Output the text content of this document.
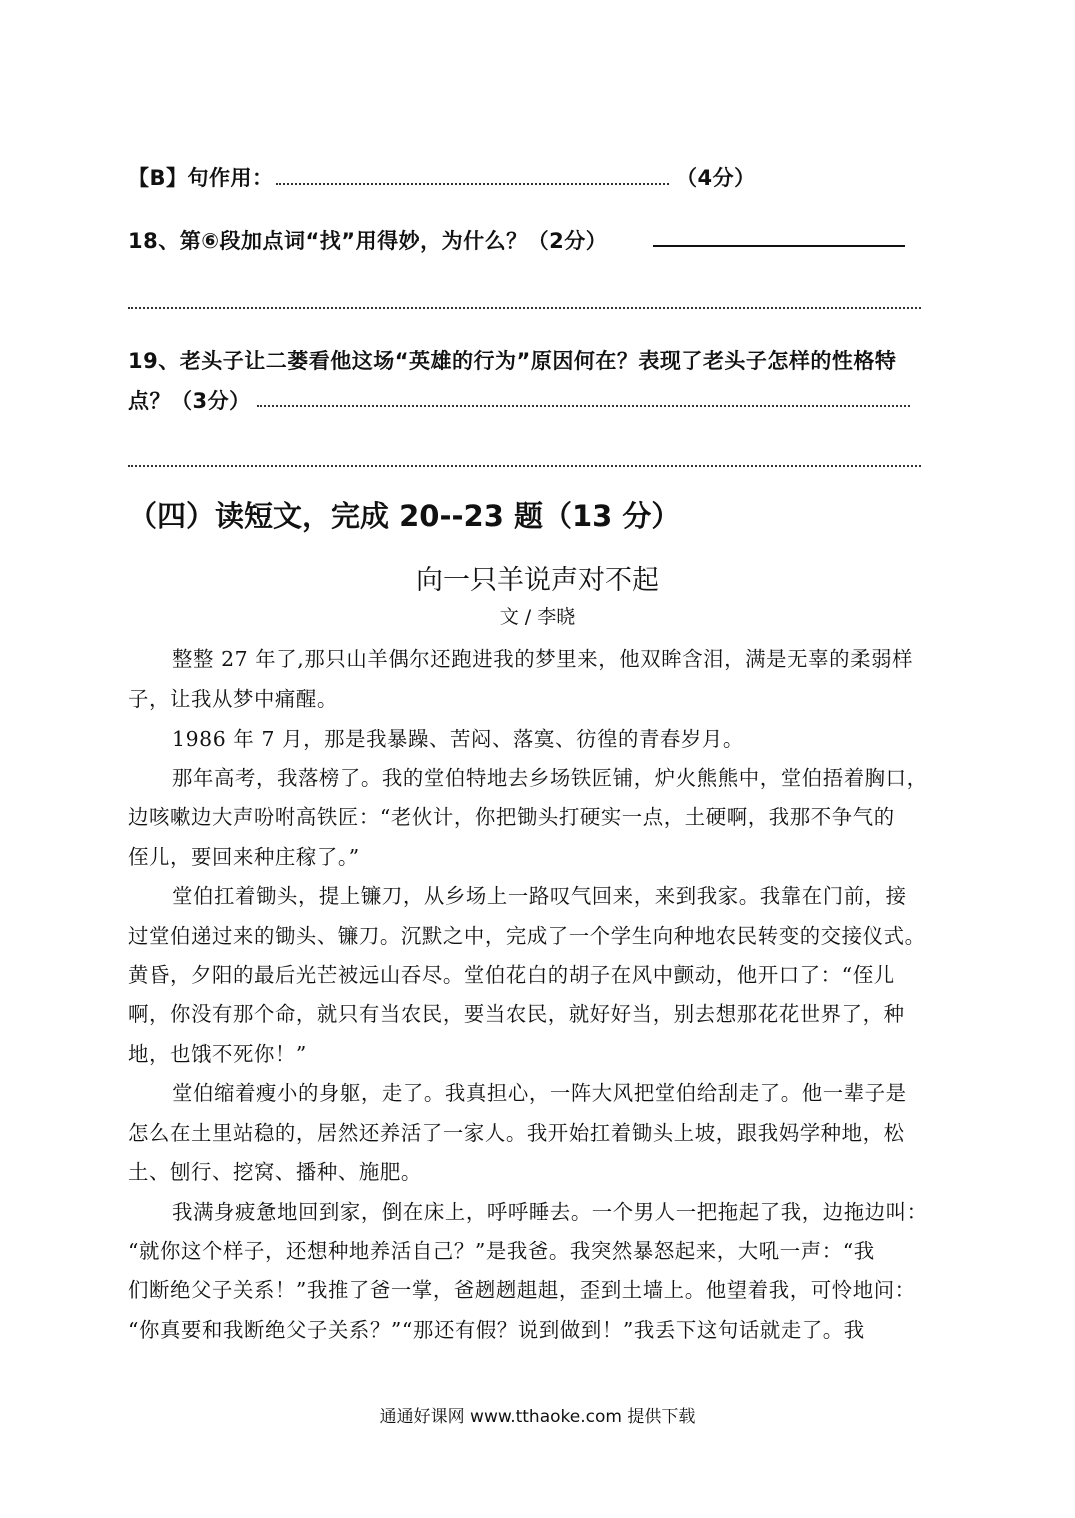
【B】句作用：	（4分）
18、第⑥段加点词“找”用得妙，为什么？（2分）
19、老头子让二蒌看他这场“英雄的行为”原因何在？表现了老头子怎样的性格特
点？（3分）
（四）读短文，完成 20--23 题（13 分）
向一只羊说声对不起
文 / 李晓
整整 27 年了,那只山羊偶尔还跑进我的梦里来，他双眸含泪，满是无辜的柔弱样
子，让我从梦中痛醒。
1986 年 7 月，那是我暴躁、苦闷、落寞、彷徨的青春岁月。
那年高考，我落榜了。我的堂伯特地去乡场铁匠铺，炉火熊熊中，堂伯捂着胸口，
边咳嗽边大声吩咐高铁匠：“老伙计，你把锄头打硬实一点，土硬啊，我那不争气的
侄儿，要回来种庄稼了。”
堂伯扛着锄头，提上镰刀，从乡场上一路叹气回来，来到我家。我靠在门前，接
过堂伯递过来的锄头、镰刀。沉默之中，完成了一个学生向种地农民转变的交接仪式。
黄昏，夕阳的最后光芒被远山吞尽。堂伯花白的胡子在风中颤动，他开口了：“侄儿
啊，你没有那个命，就只有当农民，要当农民，就好好当，别去想那花花世界了，种
地，也饿不死你！”
堂伯缩着瘦小的身躯，走了。我真担心，一阵大风把堂伯给刮走了。他一辈子是
怎么在土里站稳的，居然还养活了一家人。我开始扛着锄头上坡，跟我妈学种地，松
土、刨行、挖窝、播种、施肥。
我满身疲惫地回到家，倒在床上，呼呼睡去。一个男人一把拖起了我，边拖边叫：
“就你这个样子，还想种地养活自己？”是我爸。我突然暴怒起来，大吼一声：“我
们断绝父子关系！”我推了爸一掌，爸趔趔趄趄，歪到土墙上。他望着我，可怜地问：
“你真要和我断绝父子关系？”“那还有假？说到做到！”我丢下这句话就走了。我
通通好课网 www.tthaoke.com 提供下载
